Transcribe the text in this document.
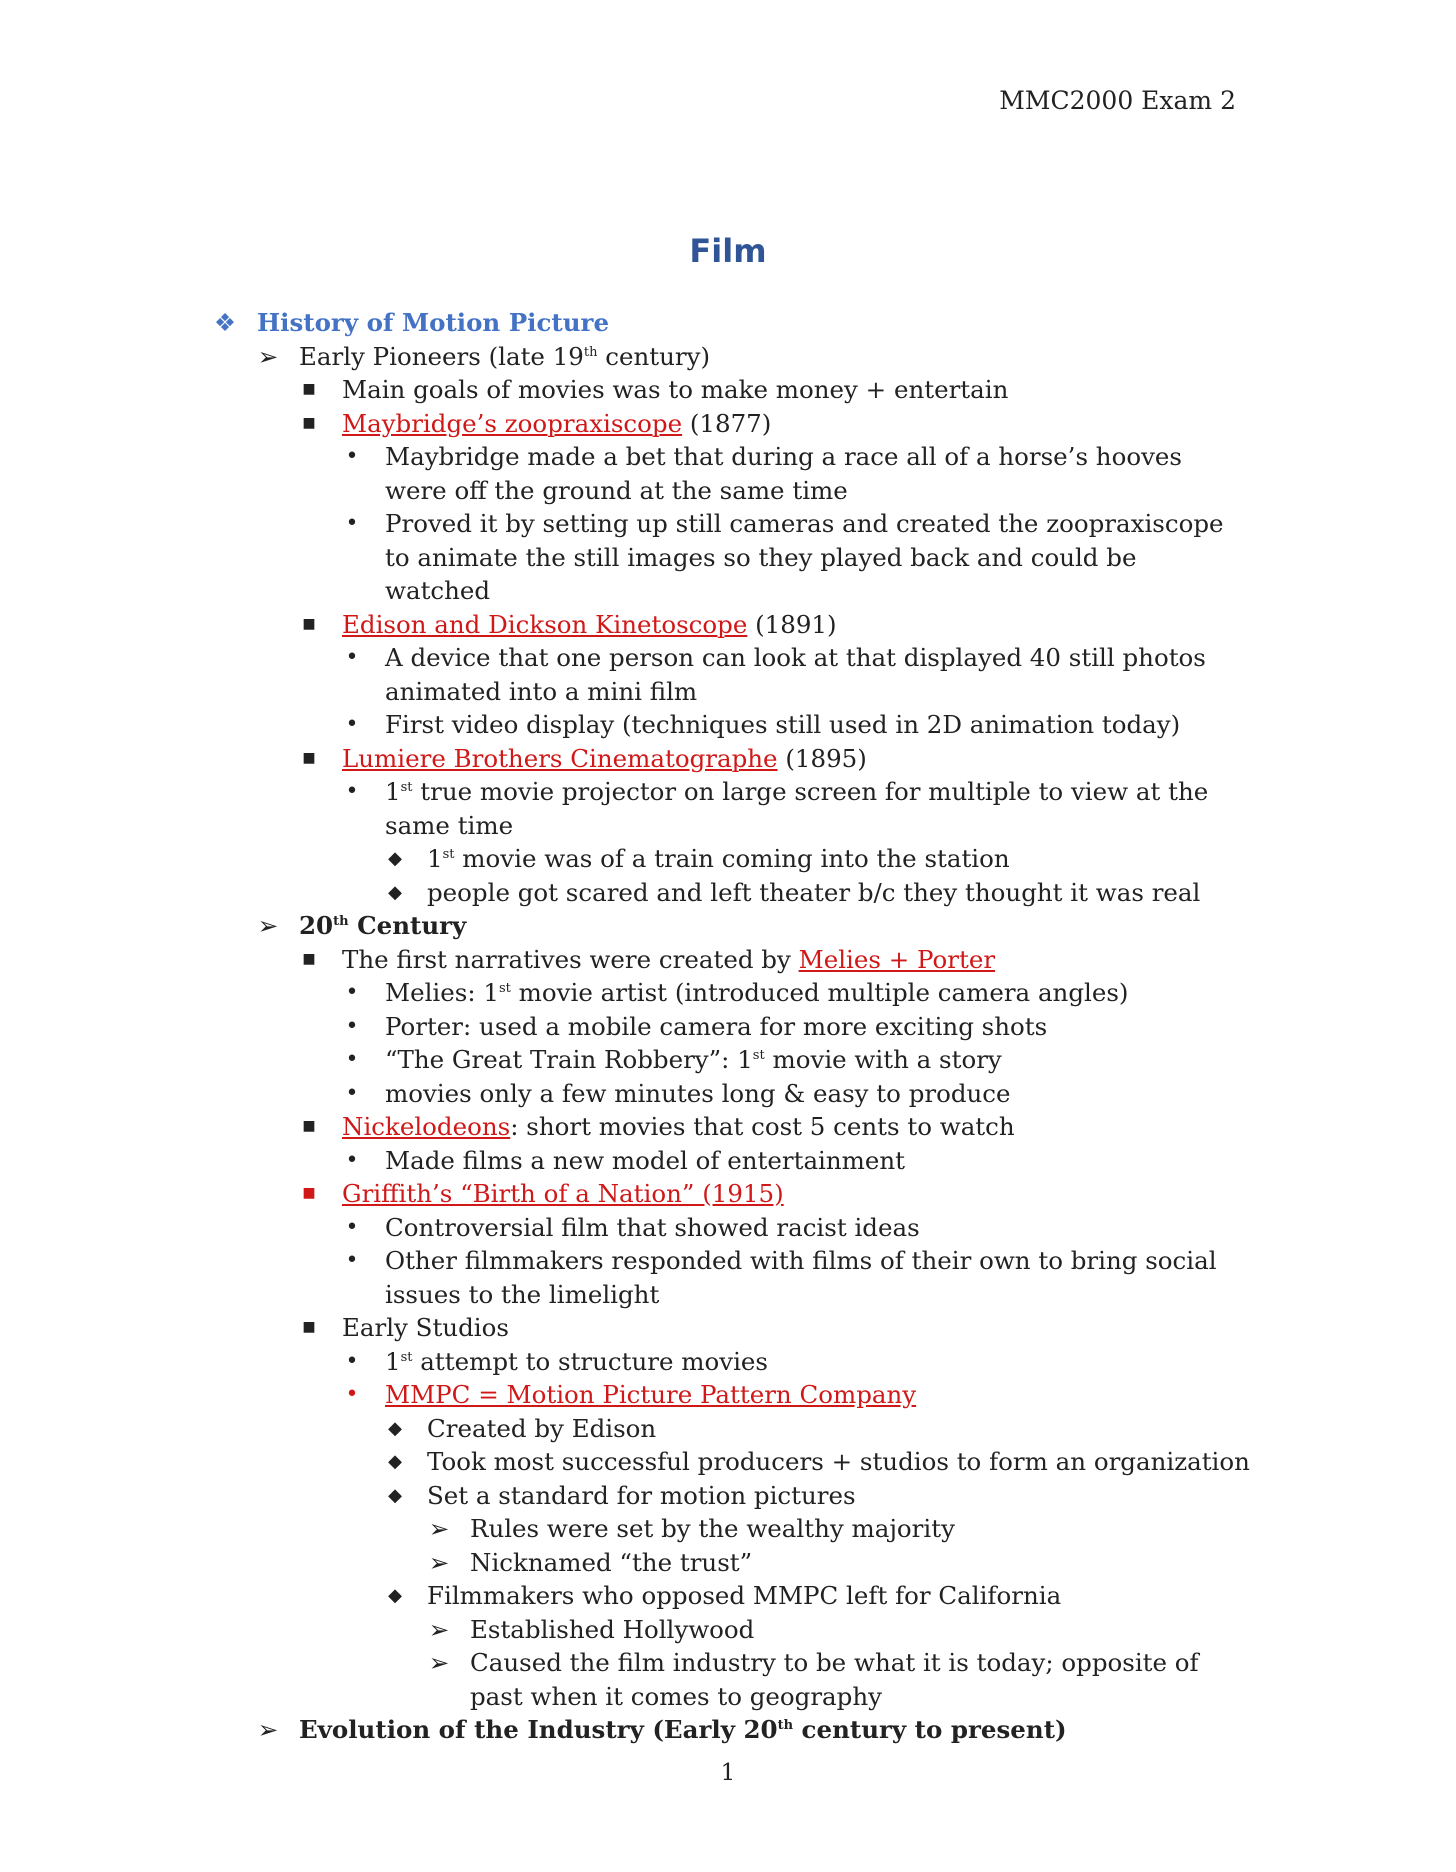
MMC2000 Exam 2
Film
❖ History of Motion Picture
➢ Early Pioneers (late 19th century)
■	Main goals of movies was to make money + entertain
■	Maybridge’s zoopraxiscope (1877)
•	Maybridge made a bet that during a race all of a horse’s hooves were off the ground at the same time
•	Proved it by setting up still cameras and created the zoopraxiscope to animate the still images so they played back and could be watched
■	Edison and Dickson Kinetoscope (1891)
•	A device that one person can look at that displayed 40 still photos animated into a mini film
•	First video display (techniques still used in 2D animation today)
■	Lumiere Brothers Cinematographe (1895)
•	1st true movie projector on large screen for multiple to view at the same time
◆	1st movie was of a train coming into the station
◆	people got scared and left theater b/c they thought it was real
➢ 20th Century
■	The first narratives were created by Melies + Porter
•	Melies: 1st movie artist (introduced multiple camera angles)
•	Porter: used a mobile camera for more exciting shots
•	“The Great Train Robbery”: 1st movie with a story
•	movies only a few minutes long & easy to produce
■	Nickelodeons: short movies that cost 5 cents to watch
•	Made films a new model of entertainment
■	Griffith’s “Birth of a Nation” (1915)
•	Controversial film that showed racist ideas
•	Other filmmakers responded with films of their own to bring social issues to the limelight
■	Early Studios
•	1st attempt to structure movies
•	MMPC = Motion Picture Pattern Company
◆	Created by Edison
◆	Took most successful producers + studios to form an organization
◆	Set a standard for motion pictures
➢ Rules were set by the wealthy majority
➢ Nicknamed “the trust”
◆	Filmmakers who opposed MMPC left for California
➢ Established Hollywood
➢ Caused the film industry to be what it is today; opposite of past when it comes to geography
➢ Evolution of the Industry (Early 20th century to present)
1
